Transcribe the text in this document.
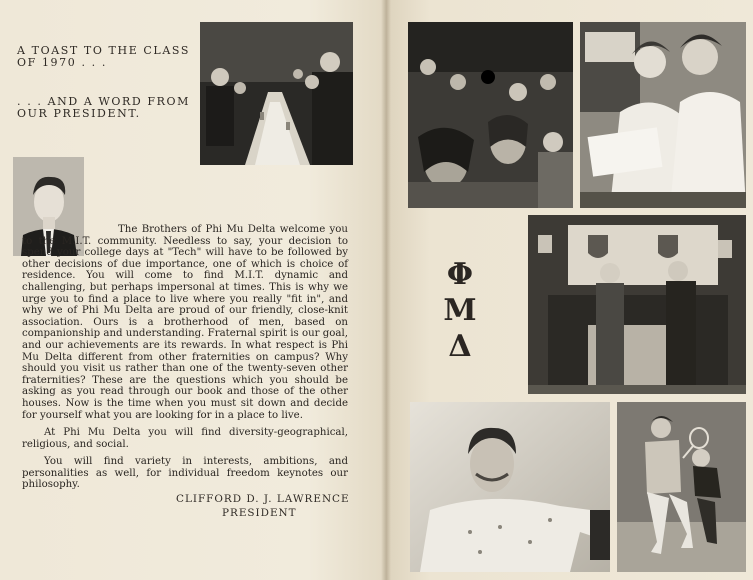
A TOAST TO THE CLASS OF 1970 . . .
. . . AND A WORD FROM OUR PRESIDENT.

The Brothers of Phi Mu Delta welcome you to the M.I.T. community. Needless to say, your decision to spend your college days at "Tech" will have to be followed by other decisions of due importance, one of which is choice of residence. You will come to find M.I.T. dynamic and challenging, but perhaps impersonal at times. This is why we urge you to find a place to live where you really "fit in", and why we of Phi Mu Delta are proud of our friendly, close-knit association. Ours is a brotherhood of men, based on companionship and understanding. Fraternal spirit is our goal, and our achievements are its rewards. In what respect is Phi Mu Delta different from other fraternities on campus? Why should you visit us rather than one of the twenty-seven other fraternities? These are the questions which you should be asking as you read through our book and those of the other houses. Now is the time when you must sit down and decide for yourself what you are looking for in a place to live.

At Phi Mu Delta you will find diversity-geographical, religious, and social.

You will find variety in interests, ambitions, and personalities as well, for individual freedom keynotes our philosophy.

CLIFFORD D. J. LAWRENCE
PRESIDENT
Φ
M
Δ
